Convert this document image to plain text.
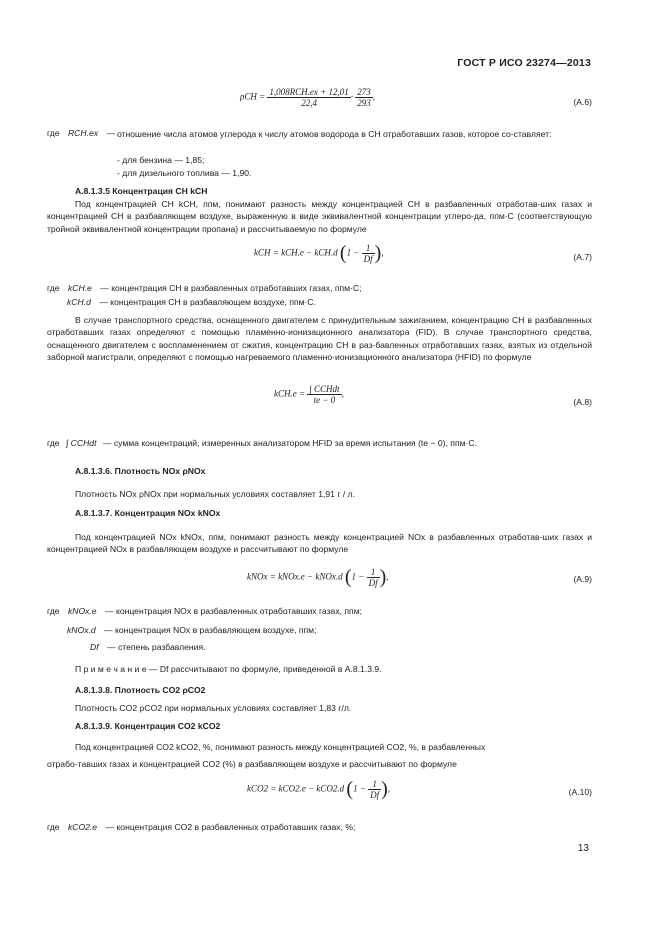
ГОСТ Р ИСО 23274—2013
$\rho CH = \frac{\text{1,008RCH.ex + 12,01}}{22,4} \cdot \frac{273}{293}$ ,
(А.6)
где RCH.ex — отношение числа атомов углерода к числу атомов водорода в CH отработавших газов, которое со-ставляет:
- для бензина — 1,85;
- для дизельного топлива — 1,90.
А.8.1.3.5 Концентрация CH kCH
Под концентрацией CH kCH, ппм, понимают разность между концентрацией CH в разбавленных отработав-ших газах и концентрацией CH в разбавляющем воздухе, выраженную в виде эквивалентной концентрации углеро-да, ппм·С (соответствующую тройной эквивалентной концентрации пропана) и рассчитываемую по формуле
kCH = kCH.e − kCH.d ($1 - \frac{1}{Df}$ ),	(А.7)
где kCH.e — концентрация CH в разбавленных отработавших газах, ппм·С;
kCH.d — концентрация CH в разбавляющем воздухе, ппм·С.
В случае транспортного средства, оснащенного двигателем с принудительным зажиганием, концентрацию CH в разбавленных отработавших газах определяют с помощью пламенно-ионизационного анализатора (FID). В случае транспортного средства, оснащенного двигателем с воспламенением от сжатия, концентрацию CH в раз-бавленных отработавших газах, взятых из отдельной заборной магистрали, определяют с помощью нагреваемого пламенно-ионизационного анализатора (HFID) по формуле
$kCH.e = \frac{\text{∫ CCHdt}}{te - 0}$ ,
(А.8)
где ∫ CCHdt — сумма концентраций, измеренных анализатором HFID за время испытания (te − 0), ппм·С.
А.8.1.3.6. Плотность NOx ρNOx
Плотность NOx ρNOx при нормальных условиях составляет 1,91 г / л.
А.8.1.3.7. Концентрация NOx kNOx
Под концентрацией NOx kNOx, ппм, понимают разность между концентрацией NOx в разбавленных отработав-ших газах и концентрацией NOx в разбавляющем воздухе и рассчитывают по формуле
kNOx = kNOx.e − kNOx.d ($1 - \frac{1}{Df}$ ),	(А.9)
где kNOx.e — концентрация NOx в разбавленных отработавших газах, ппм;
kNOx.d — концентрация NOx в разбавляющем воздухе, ппм;
Df — степень разбавления.
П р и м е ч а н и е — Df рассчитывают по формуле, приведенной в А.8.1.3.9.
А.8.1.3.8. Плотность CO2 ρCO2
Плотность CO2 ρCO2 при нормальных условиях составляет 1,83 г/л.
А.8.1.3.9. Концентрация CO2 kCO2
Под концентрацией CO2 kCO2, %, понимают разность между концентрацией CO2, %, в разбавленных
отрабо-тавших газах и концентрацией CO2 (%) в разбавляющем воздухе и рассчитывают по формуле
kCO2 = kCO2.e − kCO2.d ($1 - \frac{1}{Df}$ ),	(А.10)
где kCO2.e — концентрация CO2 в разбавленных отработавших газах, %;
13
